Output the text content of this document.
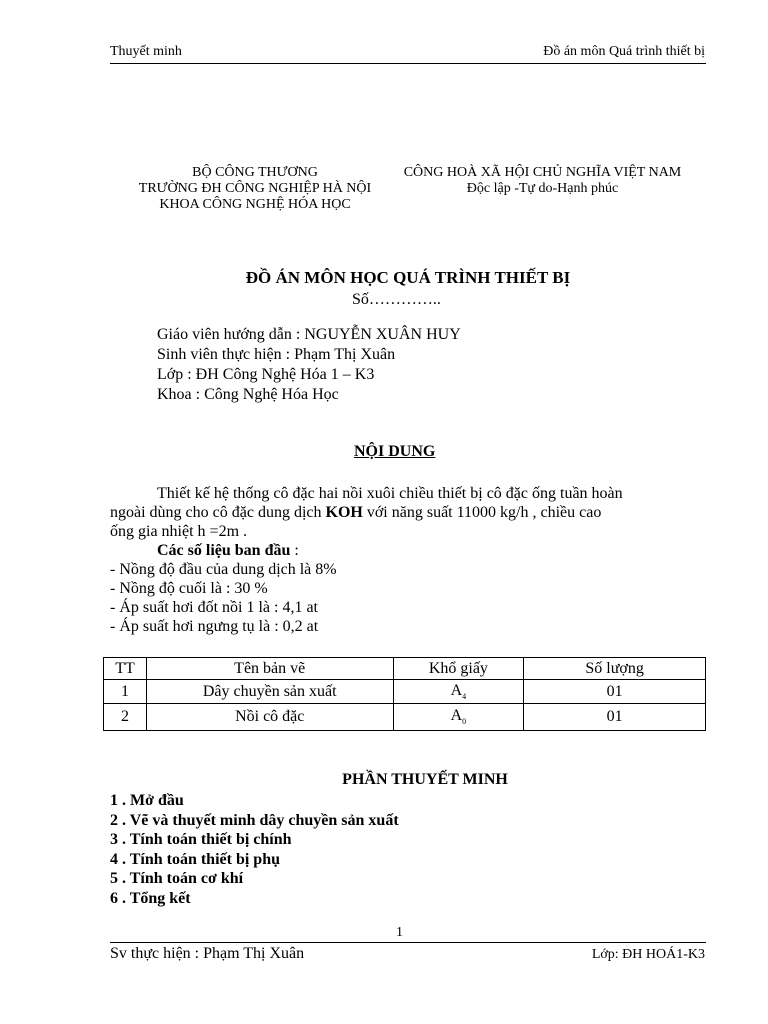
Thuyết minh	Đồ án môn Quá trình thiết bị
BỘ CÔNG THƯƠNG
TRƯỜNG ĐH CÔNG NGHIỆP HÀ NỘI
KHOA CÔNG NGHỆ HÓA HỌC
CÔNG HOÀ XÃ HỘI CHỦ NGHĨA VIỆT NAM
Độc lập -Tự do-Hạnh phúc
ĐỒ ÁN MÔN HỌC QUÁ TRÌNH THIẾT BỊ
Số…………..
Giáo viên hướng dẫn : NGUYỄN XUÂN HUY
Sinh viên thực hiện : Phạm Thị Xuân
Lớp : ĐH Công Nghệ Hóa 1 – K3
Khoa : Công Nghệ Hóa Học
NỘI DUNG
Thiết kế hệ thống cô đặc hai nồi xuôi chiều thiết bị cô đặc ống tuần hoàn
ngoài dùng cho cô đặc dung dịch KOH với năng suất 11000 kg/h , chiều cao
ống gia nhiệt h =2m .
Các số liệu ban đầu :
- Nồng độ đầu của dung dịch là 8%
- Nồng độ cuối là : 30 %
- Áp suất hơi đốt nồi 1 là : 4,1 at
- Áp suất hơi ngưng tụ là : 0,2 at
TT	Tên bản vẽ	Khổ giấy	Số lượng
1	Dây chuyền sản xuất	$A_4$	01
2	Nồi cô đặc	$A_0$	01
PHẦN THUYẾT MINH
1 . Mở đầu
2 . Vẽ và thuyết minh dây chuyền sản xuất
3 . Tính toán thiết bị chính
4 . Tính toán thiết bị phụ
5 . Tính toán cơ khí
6 . Tổng kết
1
Sv thực hiện : Phạm Thị Xuân	Lớp: ĐH HOÁ1-K3
